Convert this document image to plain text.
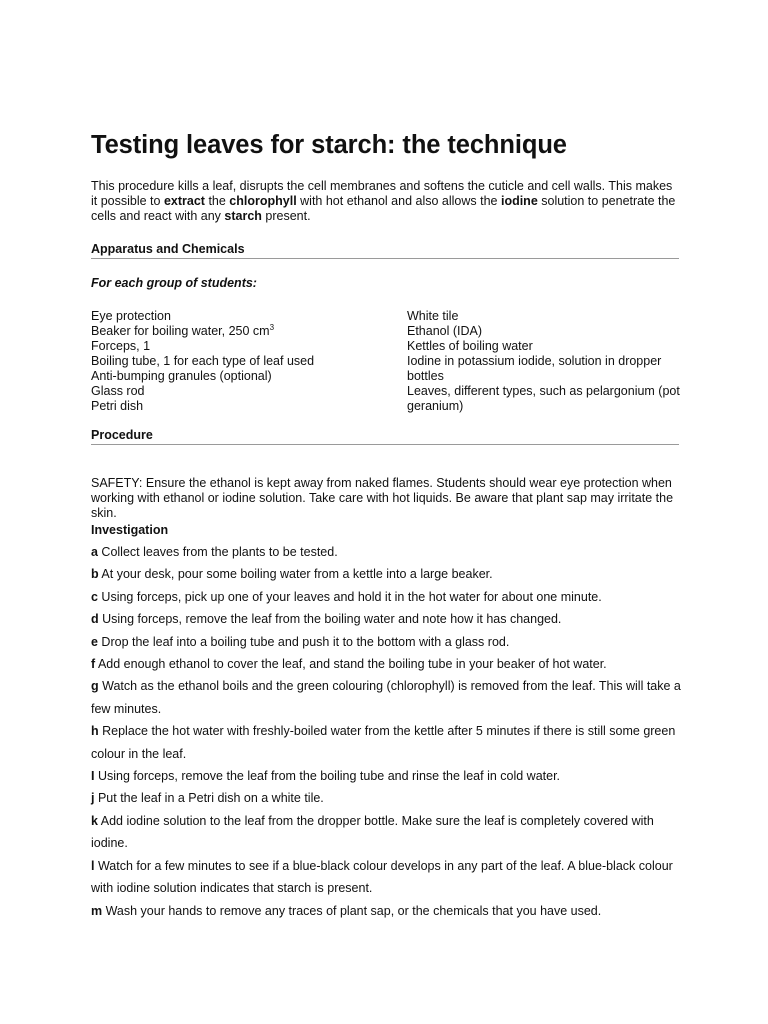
Testing leaves for starch: the technique

This procedure kills a leaf, disrupts the cell membranes and softens the cuticle and cell walls. This makes it possible to extract the chlorophyll with hot ethanol and also allows the iodine solution to penetrate the cells and react with any starch present.

Apparatus and Chemicals
For each group of students:
Eye protection
Beaker for boiling water, 250 $cm^3$
Forceps, 1
Boiling tube, 1 for each type of leaf used
Anti-bumping granules (optional)
Glass rod
Petri dish
White tile
Ethanol (IDA)
Kettles of boiling water
Iodine in potassium iodide, solution in dropper bottles
Leaves, different types, such as pelargonium (pot geranium)
Procedure

SAFETY: Ensure the ethanol is kept away from naked flames. Students should wear eye protection when working with ethanol or iodine solution. Take care with hot liquids. Be aware that plant sap may irritate the skin.

Investigation
a Collect leaves from the plants to be tested.
b At your desk, pour some boiling water from a kettle into a large beaker.
c Using forceps, pick up one of your leaves and hold it in the hot water for about one minute.
d Using forceps, remove the leaf from the boiling water and note how it has changed.
e Drop the leaf into a boiling tube and push it to the bottom with a glass rod.
f Add enough ethanol to cover the leaf, and stand the boiling tube in your beaker of hot water.
g Watch as the ethanol boils and the green colouring (chlorophyll) is removed from the leaf. This will take a few minutes.
h Replace the hot water with freshly-boiled water from the kettle after 5 minutes if there is still some green colour in the leaf.
I Using forceps, remove the leaf from the boiling tube and rinse the leaf in cold water.
j Put the leaf in a Petri dish on a white tile.
k Add iodine solution to the leaf from the dropper bottle. Make sure the leaf is completely covered with iodine.
l Watch for a few minutes to see if a blue-black colour develops in any part of the leaf. A blue-black colour with iodine solution indicates that starch is present.
m Wash your hands to remove any traces of plant sap, or the chemicals that you have used.
